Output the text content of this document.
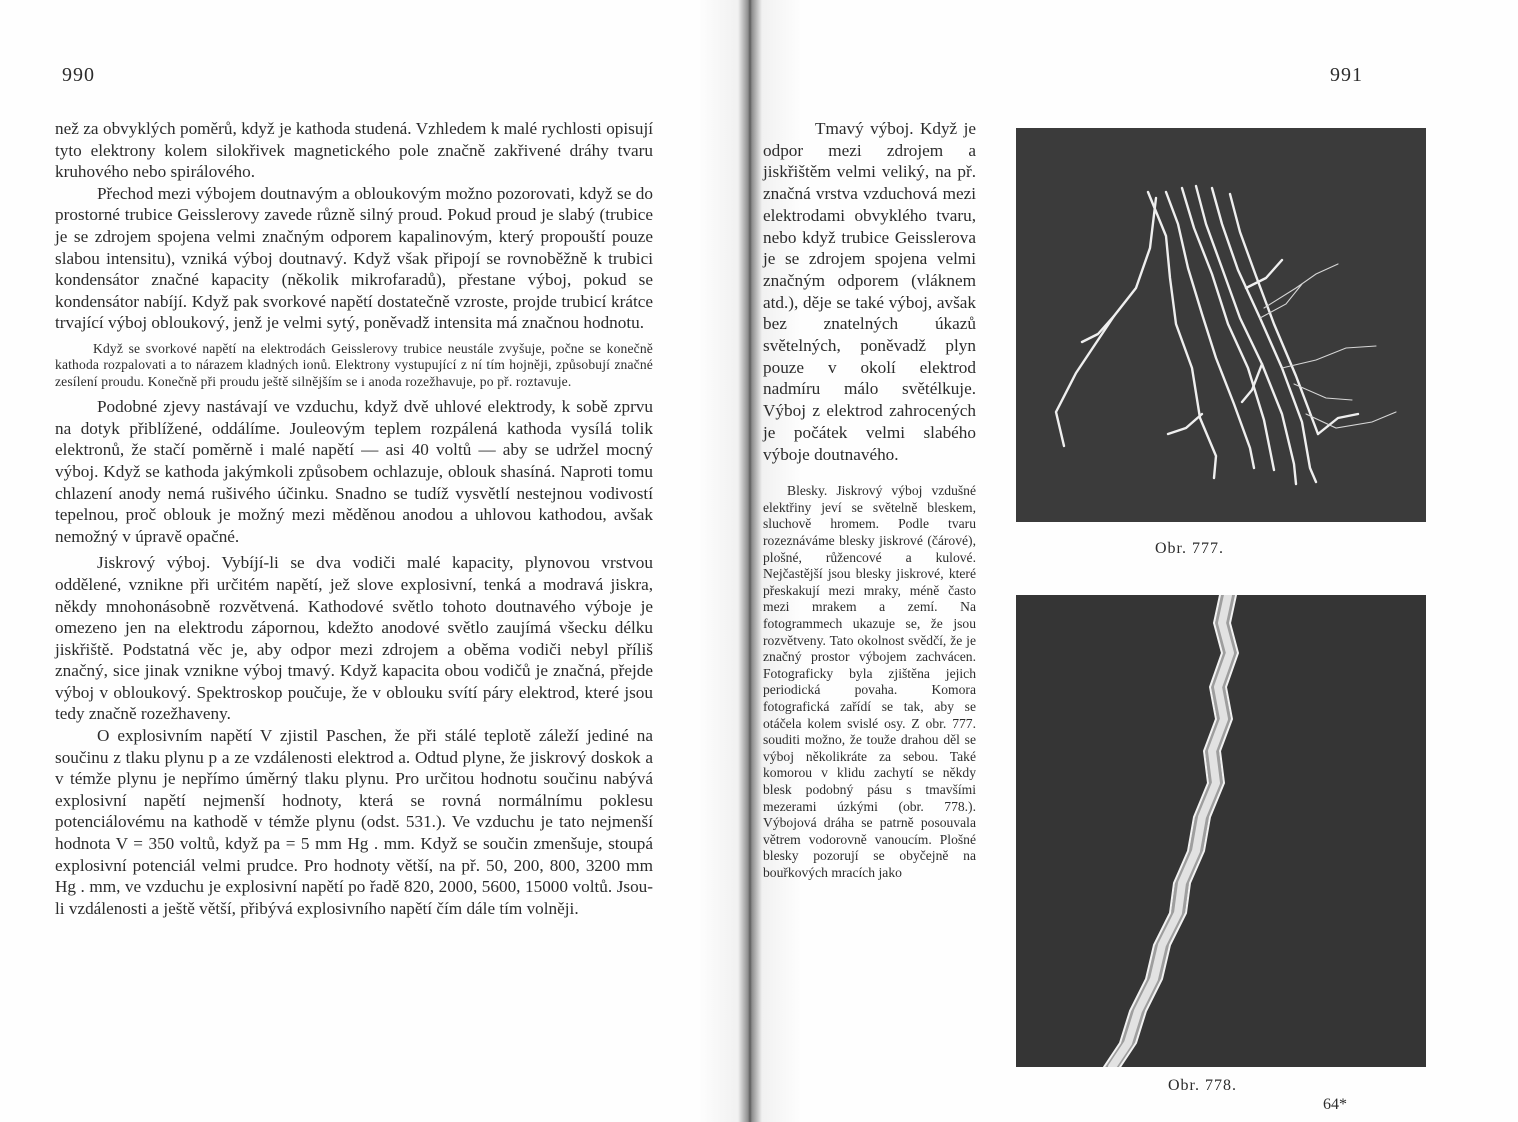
990	991

než za obvyklých poměrů, když je kathoda studená. Vzhledem k malé rychlosti opisují tyto elektrony kolem silokřivek magnetického pole značně zakřivené dráhy tvaru kruhového nebo spirálového.

Přechod mezi výbojem doutnavým a obloukovým možno pozorovati, když se do prostorné trubice Geisslerovy zavede různě silný proud. Pokud proud je slabý (trubice je se zdrojem spojena velmi značným odporem kapalinovým, který propouští pouze slabou intensitu), vzniká výboj doutnavý. Když však připojí se rovnoběžně k trubici kondensátor značné kapacity (několik mikrofaradů), přestane výboj, pokud se kondensátor nabíjí. Když pak svorkové napětí dostatečně vzroste, projde trubicí krátce trvající výboj obloukový, jenž je velmi sytý, poněvadž intensita má značnou hodnotu.

Když se svorkové napětí na elektrodách Geisslerovy trubice neustále zvyšuje, počne se konečně kathoda rozpalovati a to nárazem kladných ionů. Elektrony vystupující z ní tím hojněji, způsobují značné zesílení proudu. Konečně při proudu ještě silnějším se i anoda rozežhavuje, po př. roztavuje.

Podobné zjevy nastávají ve vzduchu, když dvě uhlové elektrody, k sobě zprvu na dotyk přiblížené, oddálíme. Jouleovým teplem rozpálená kathoda vysílá tolik elektronů, že stačí poměrně i malé napětí — asi 40 voltů — aby se udržel mocný výboj. Když se kathoda jakýmkoli způsobem ochlazuje, oblouk shasíná. Naproti tomu chlazení anody nemá rušivého účinku. Snadno se tudíž vysvětlí nestejnou vodivostí tepelnou, proč oblouk je možný mezi měděnou anodou a uhlovou kathodou, avšak nemožný v úpravě opačné.

Jiskrový výboj. Vybíjí-li se dva vodiči malé kapacity, plynovou vrstvou oddělené, vznikne při určitém napětí, jež slove explosivní, tenká a modravá jiskra, někdy mnohonásobně rozvětvená. Kathodové světlo tohoto doutnavého výboje je omezeno jen na elektrodu zápornou, kdežto anodové světlo zaujímá všecku délku jiskřiště. Podstatná věc je, aby odpor mezi zdrojem a oběma vodiči nebyl příliš značný, sice jinak vznikne výboj tmavý. Když kapacita obou vodičů je značná, přejde výboj v obloukový. Spektroskop poučuje, že v oblouku svítí páry elektrod, které jsou tedy značně rozežhaveny.

O explosivním napětí V zjistil Paschen, že při stálé teplotě záleží jediné na součinu z tlaku plynu p a ze vzdálenosti elektrod a. Odtud plyne, že jiskrový doskok a v témže plynu je nepřímo úměrný tlaku plynu. Pro určitou hodnotu součinu nabývá explosivní napětí nejmenší hodnoty, která se rovná normálnímu poklesu potenciálovému na kathodě v témže plynu (odst. 531.). Ve vzduchu je tato nejmenší hodnota V = 350 voltů, když pa = 5 mm Hg . mm. Když se součin zmenšuje, stoupá explosivní potenciál velmi prudce. Pro hodnoty větší, na př. 50, 200, 800, 3200 mm Hg . mm, ve vzduchu je explosivní napětí po řadě 820, 2000, 5600, 15000 voltů. Jsou-li vzdálenosti a ještě větší, přibývá explosivního napětí čím dále tím volněji.

Tmavý výboj. Když je odpor mezi zdrojem a jiskřištěm velmi veliký, na př. značná vrstva vzduchová mezi elektrodami obvyklého tvaru, nebo když trubice Geisslerova je se zdrojem spojena velmi značným odporem (vláknem atd.), děje se také výboj, avšak bez znatelných úkazů světelných, poněvadž plyn pouze v okolí elektrod nadmíru málo světélkuje. Výboj z elektrod zahrocených je počátek velmi slabého výboje doutnavého.

Blesky. Jiskrový výboj vzdušné elektřiny jeví se světelně bleskem, sluchově hromem. Podle tvaru rozeznáváme blesky jiskrové (čárové), plošné, růžencové a kulové. Nejčastější jsou blesky jiskrové, které přeskakují mezi mraky, méně často mezi mrakem a zemí. Na fotogrammech ukazuje se, že jsou rozvětveny. Tato okolnost svědčí, že je značný prostor výbojem zachvácen. Fotograficky byla zjištěna jejich periodická povaha. Komora fotografická zařídí se tak, aby se otáčela kolem svislé osy. Z obr. 777. souditi možno, že touže drahou děl se výboj několikráte za sebou. Také komorou v klidu zachytí se někdy blesk podobný pásu s tmavšími mezerami úzkými (obr. 778.). Výbojová dráha se patrně posouvala větrem vodorovně vanoucím. Plošné blesky pozorují se obyčejně na bouřkových mracích jako

Obr. 777.
Obr. 778.
64*
